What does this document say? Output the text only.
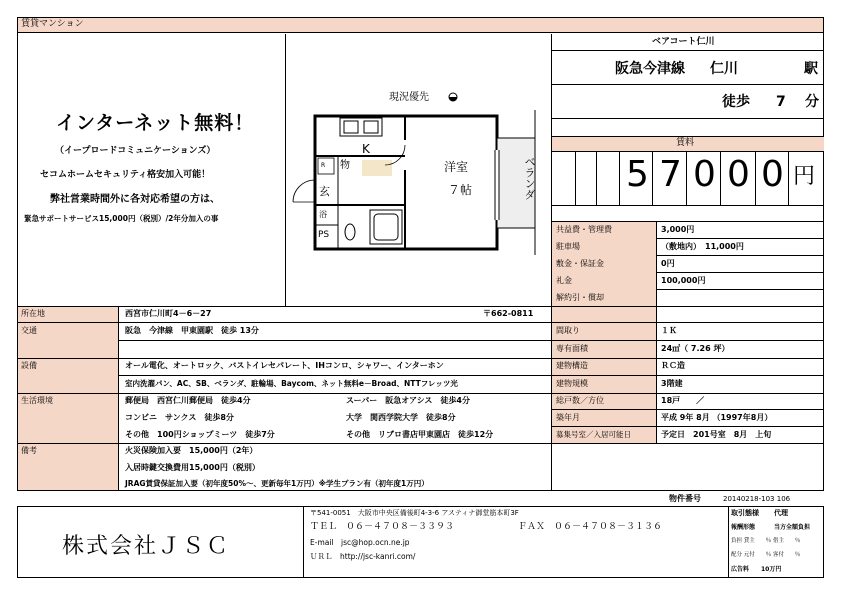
賃貸マンション
インターネット無料！
（イープロードコミュニケーションズ）
セコムホームセキュリティ格安加入可能！
弊社営業時間外に各対応希望の方は、
緊急サポートサービス15,000円（税別）/2年分加入の事
現況優先
K
物
R
玄
浴
PS
洋室
７帖	ベランダ
ベアコート仁川
阪急今津線 仁川	駅
徒歩 7 分
賃料
5 7 0 0 0 円
共益費・管理費	3,000円
駐車場	（敷地内）　11,000円
敷金・保証金	0円
礼金	100,000円
解約引・償却
所在地	西宮市仁川町4－6－27	〒662-0811
交通	阪急　今津線　甲東園駅　徒歩 13分
設備	オール電化、オートロック、バストイレセパレート、IHコンロ、シャワー、インターホン
室内洗濯パン、AC、SB、ベランダ、駐輪場、Baycom、ネット無料e－Broad、NTTフレッツ光
生活環境	郵便局　西宮仁川郵便局　徒歩4分	スーパー　阪急オアシス　徒歩4分
コンビニ　サンクス　徒歩8分	大学　関西学院大学　徒歩8分
その他　100円ショップミーツ　徒歩7分	その他　リブロ書店甲東園店　徒歩12分
備考	火災保険加入要　15,000円（2年）
入居時鍵交換費用15,000円（税別）
JRAG賃貸保証加入要（初年度50%～、更新毎年1万円）※学生プラン有（初年度1万円）
間取り	１Ｋ
専有面積	24㎡（ 7.26 坪）
建物構造	ＲＣ造
建物規模	3階建
総戸数／方位	18戸　　／
築年月	平成 9年 8月 （1997年8月）
募集号室／入居可能日	予定日　201号室　8月　上旬
物件番号	20140218-103 106
株式会社ＪＳＣ
〒541-0051　大阪市中央区備後町4-3-6 アスティナ御堂筋本町3F
ＴＥＬ　０６－４７０８－３３９３	ＦＡＸ　０６－４７０８－３１３６
E-mail　jsc@hop.ocn.ne.jp
ＵＲＬ　http://jsc-kanri.com/
取引態様 代理
報酬形態	当方全額負担
負担 貸主　　％ 借主　　％
配分 元付　　％ 客付　　％
広告料　　10万円
